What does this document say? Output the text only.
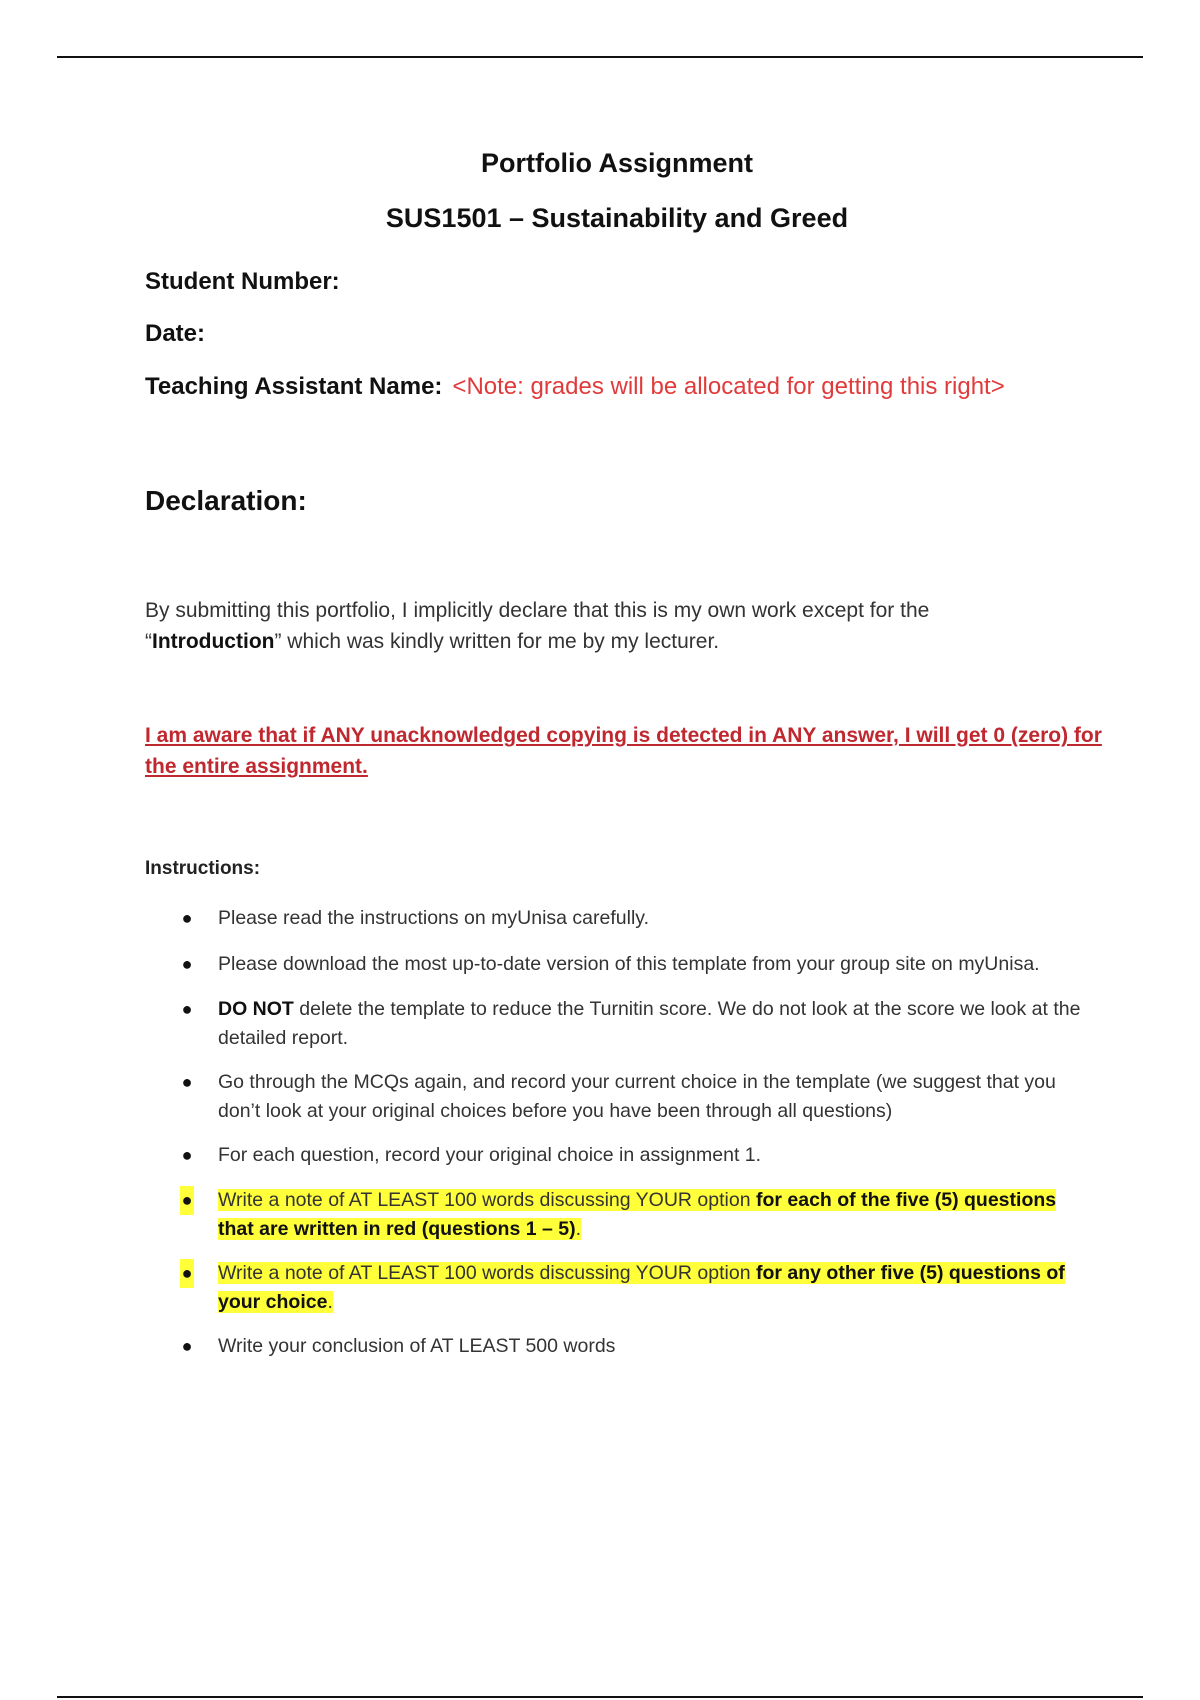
Portfolio Assignment
SUS1501 – Sustainability and Greed
Student Number:
Date:
Teaching Assistant Name: <Note: grades will be allocated for getting this right>
Declaration:
By submitting this portfolio, I implicitly declare that this is my own work except for the
“Introduction” which was kindly written for me by my lecturer.
I am aware that if ANY unacknowledged copying is detected in ANY answer, I will get 0 (zero) for the entire assignment.
Instructions:
● Please read the instructions on myUnisa carefully.
● Please download the most up-to-date version of this template from your group site on myUnisa.
● DO NOT delete the template to reduce the Turnitin score. We do not look at the score we look at the detailed report.
● Go through the MCQs again, and record your current choice in the template (we suggest that you don’t look at your original choices before you have been through all questions)
● For each question, record your original choice in assignment 1.
● Write a note of AT LEAST 100 words discussing YOUR option for each of the five (5) questions that are written in red (questions 1 – 5).
● Write a note of AT LEAST 100 words discussing YOUR option for any other five (5) questions of your choice.
● Write your conclusion of AT LEAST 500 words
